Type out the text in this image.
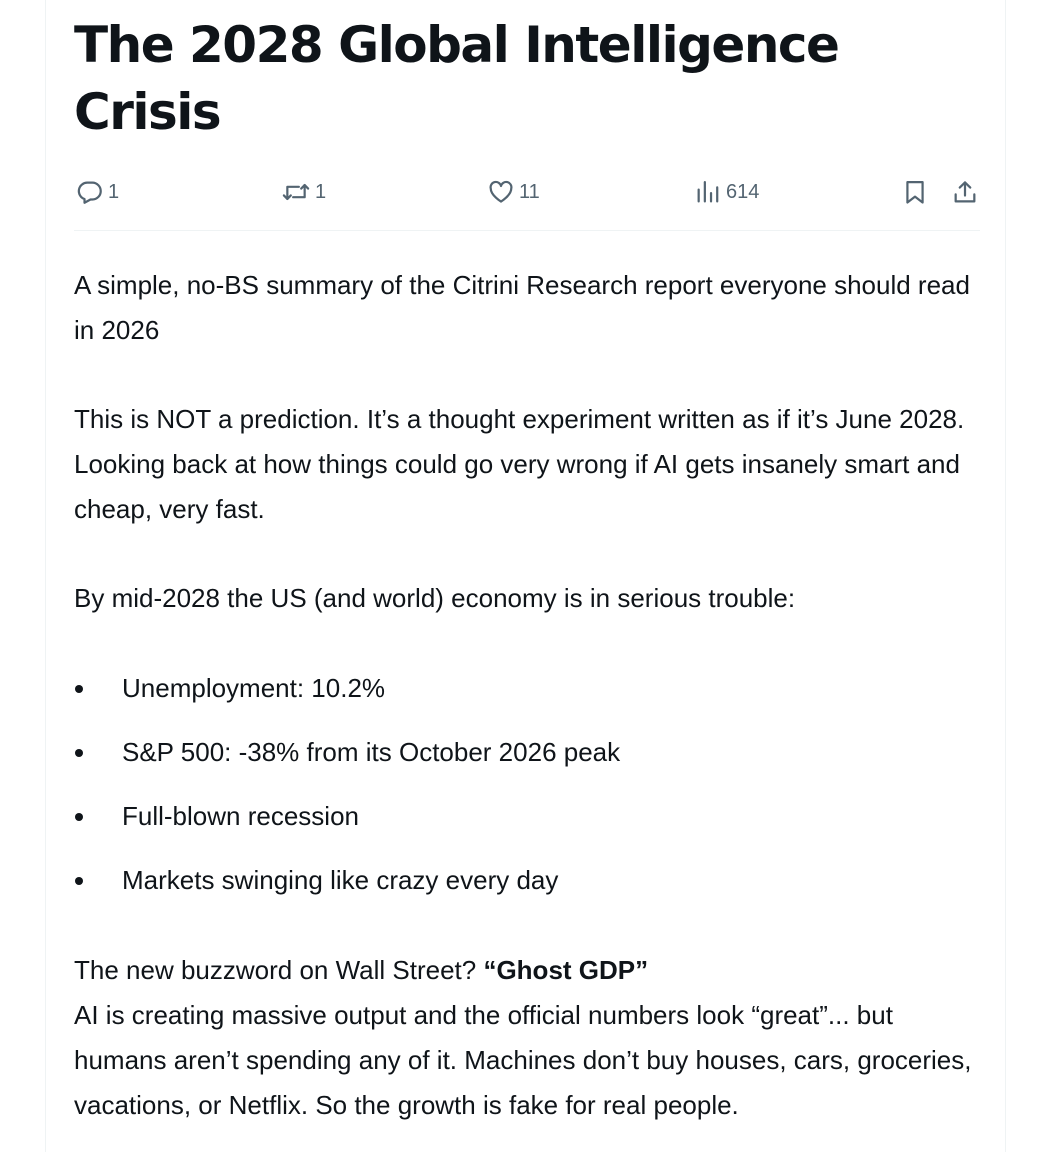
The 2028 Global Intelligence Crisis
1	1	11	614

A simple, no-BS summary of the Citrini Research report everyone should read in 2026

This is NOT a prediction. It’s a thought experiment written as if it’s June 2028. Looking back at how things could go very wrong if AI gets insanely smart and cheap, very fast.

By mid-2028 the US (and world) economy is in serious trouble:

Unemployment: 10.2%
S&P 500: -38% from its October 2026 peak
Full-blown recession
Markets swinging like crazy every day
The new buzzword on Wall Street? “Ghost GDP”
AI is creating massive output and the official numbers look “great”... but humans aren’t spending any of it. Machines don’t buy houses, cars, groceries, vacations, or Netflix. So the growth is fake for real people.
